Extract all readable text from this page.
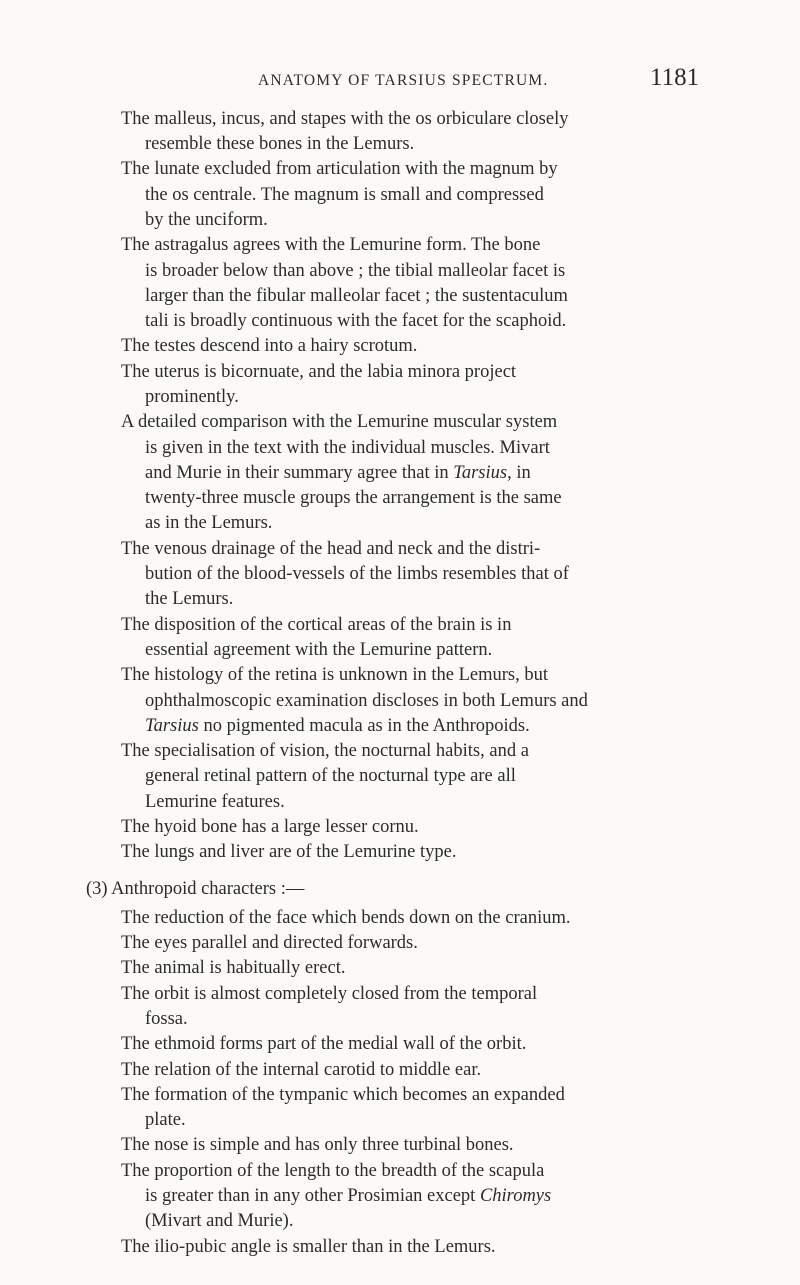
ANATOMY OF TARSIUS SPECTRUM.	1181
The malleus, incus, and stapes with the os orbiculare closely
resemble these bones in the Lemurs.
The lunate excluded from articulation with the magnum by
the os centrale. The magnum is small and compressed
by the unciform.
The astragalus agrees with the Lemurine form. The bone
is broader below than above ; the tibial malleolar facet is
larger than the fibular malleolar facet ; the sustentaculum
tali is broadly continuous with the facet for the scaphoid.
The testes descend into a hairy scrotum.
The uterus is bicornuate, and the labia minora project
prominently.
A detailed comparison with the Lemurine muscular system
is given in the text with the individual muscles. Mivart
and Murie in their summary agree that in Tarsius, in
twenty-three muscle groups the arrangement is the same
as in the Lemurs.
The venous drainage of the head and neck and the distri-
bution of the blood-vessels of the limbs resembles that of
the Lemurs.
The disposition of the cortical areas of the brain is in
essential agreement with the Lemurine pattern.
The histology of the retina is unknown in the Lemurs, but
ophthalmoscopic examination discloses in both Lemurs and
Tarsius no pigmented macula as in the Anthropoids.
The specialisation of vision, the nocturnal habits, and a
general retinal pattern of the nocturnal type are all
Lemurine features.
The hyoid bone has a large lesser cornu.
The lungs and liver are of the Lemurine type.
(3) Anthropoid characters :—
The reduction of the face which bends down on the cranium.
The eyes parallel and directed forwards.
The animal is habitually erect.
The orbit is almost completely closed from the temporal
fossa.
The ethmoid forms part of the medial wall of the orbit.
The relation of the internal carotid to middle ear.
The formation of the tympanic which becomes an expanded
plate.
The nose is simple and has only three turbinal bones.
The proportion of the length to the breadth of the scapula
is greater than in any other Prosimian except Chiromys
(Mivart and Murie).
The ilio-pubic angle is smaller than in the Lemurs.
